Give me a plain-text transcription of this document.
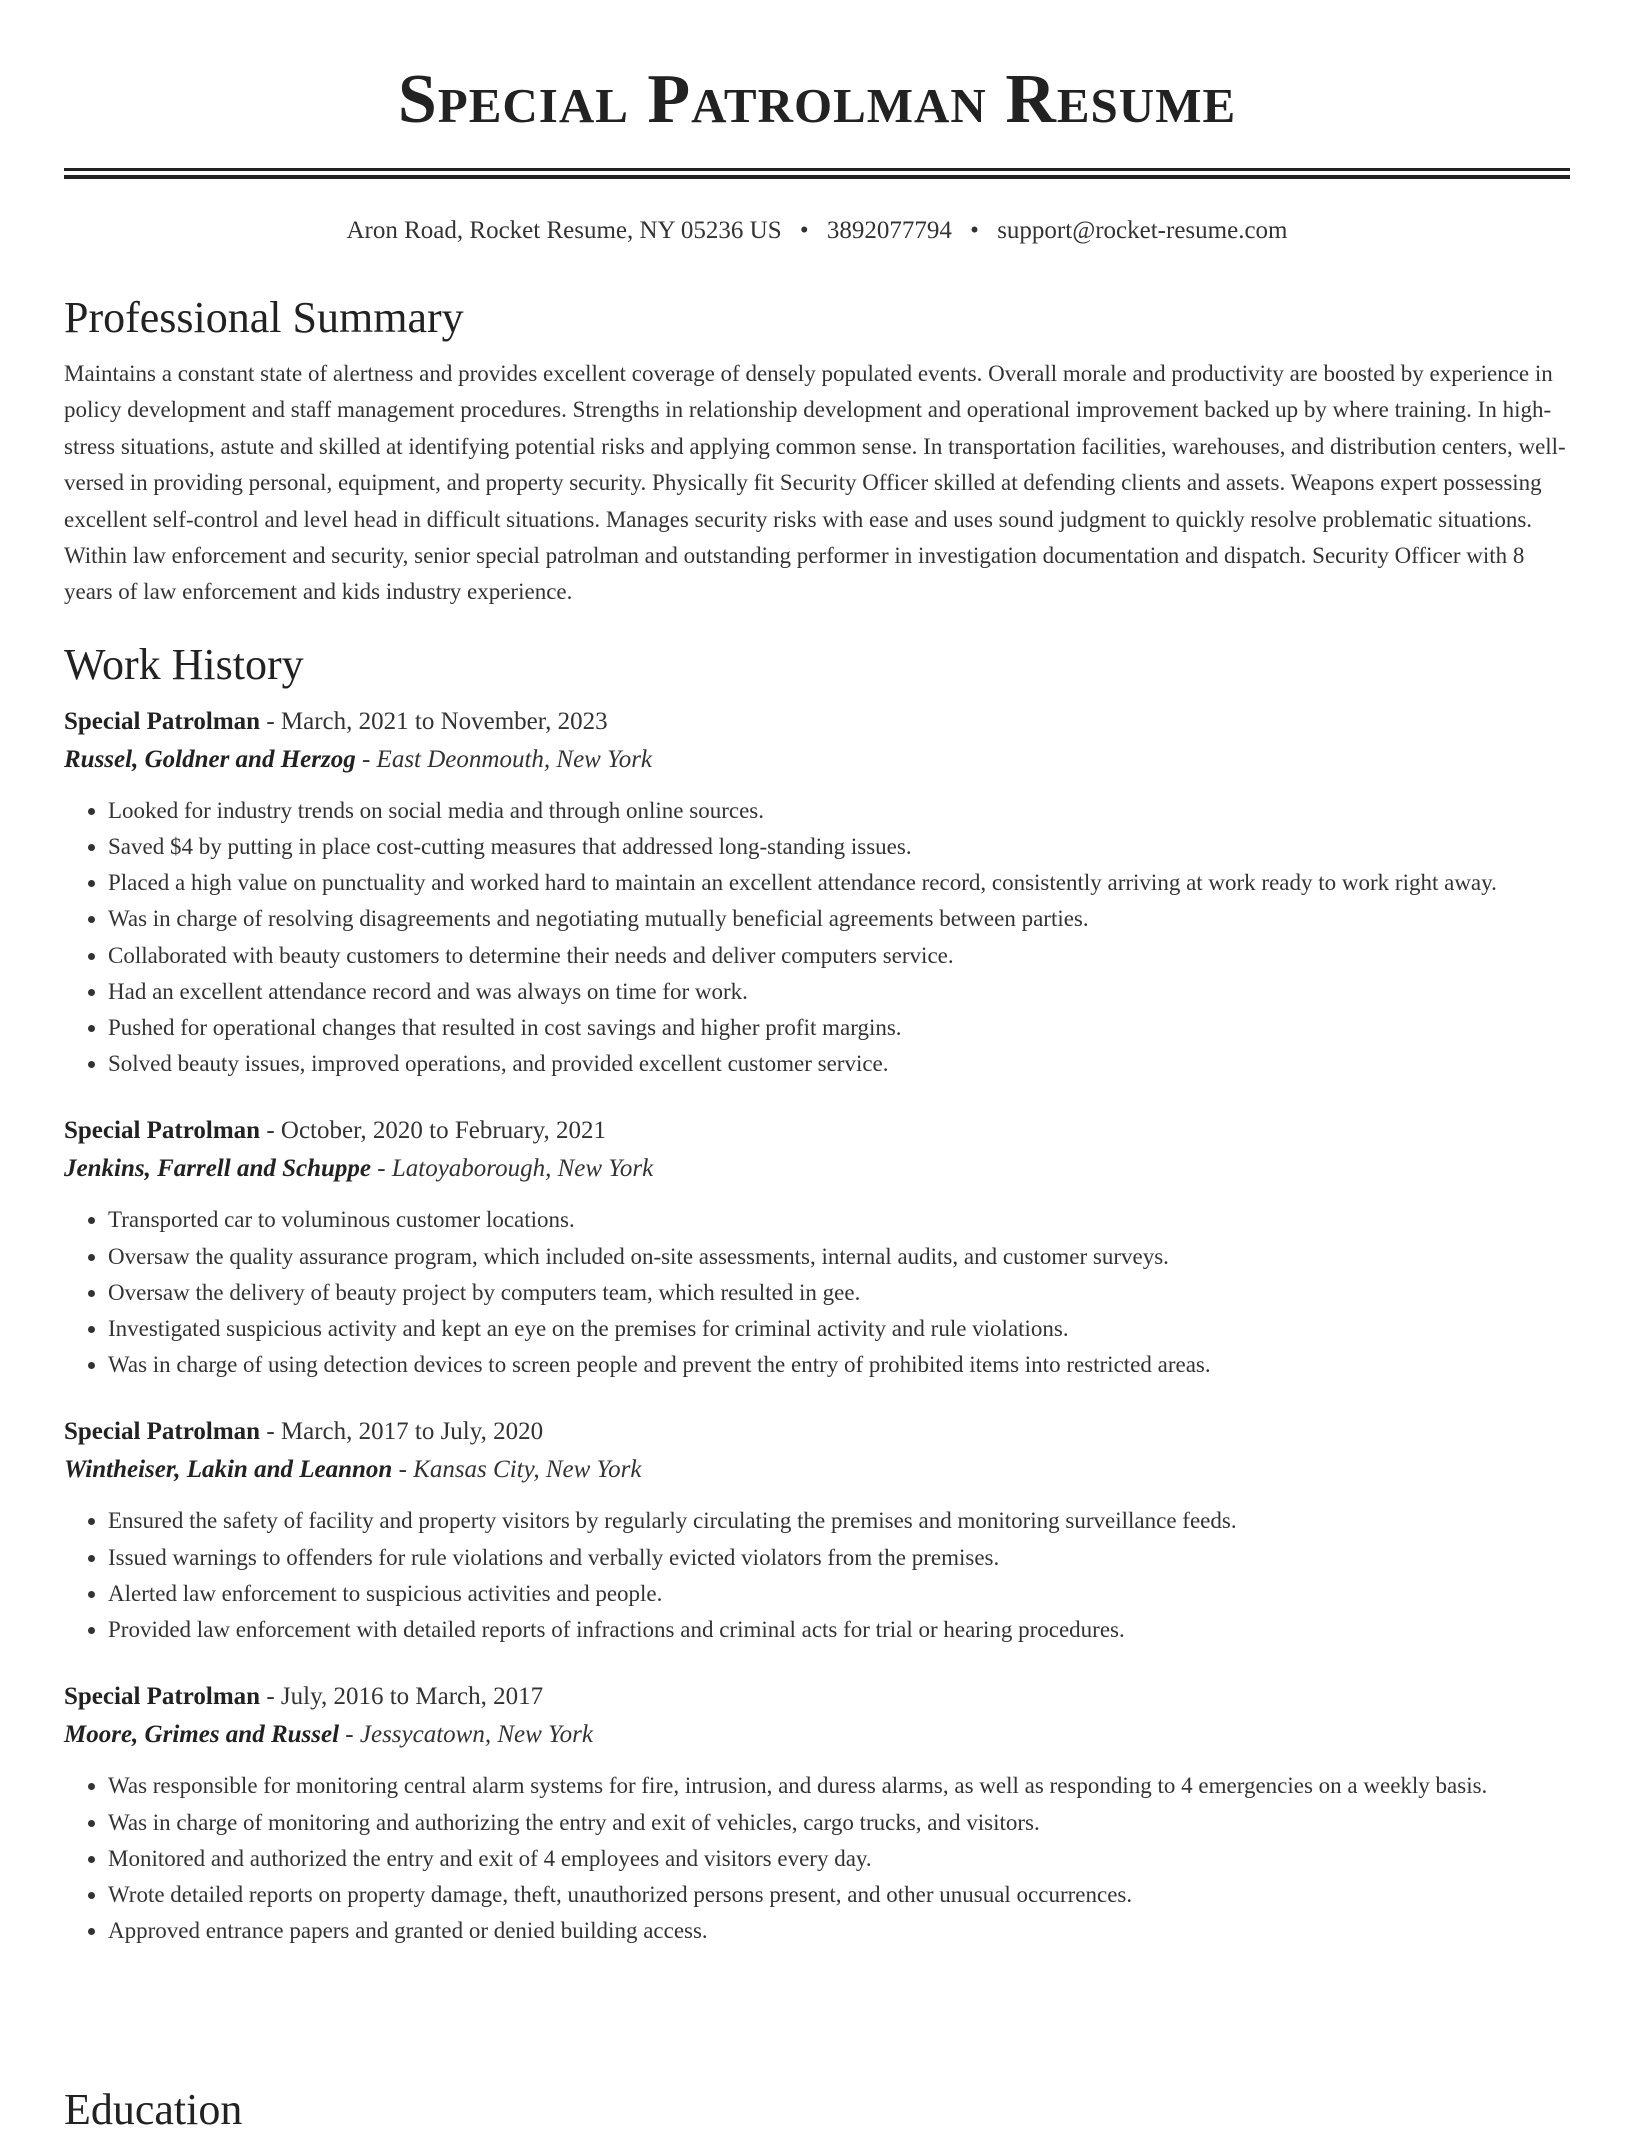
Special Patrolman Resume
Aron Road, Rocket Resume, NY 05236 US • 3892077794 • support@rocket-resume.com
Professional Summary

Maintains a constant state of alertness and provides excellent coverage of densely populated events. Overall morale and productivity are boosted by experience in policy development and staff management procedures. Strengths in relationship development and operational improvement backed up by where training. In high-stress situations, astute and skilled at identifying potential risks and applying common sense. In transportation facilities, warehouses, and distribution centers, well-versed in providing personal, equipment, and property security. Physically fit Security Officer skilled at defending clients and assets. Weapons expert possessing excellent self-control and level head in difficult situations. Manages security risks with ease and uses sound judgment to quickly resolve problematic situations. Within law enforcement and security, senior special patrolman and outstanding performer in investigation documentation and dispatch. Security Officer with 8 years of law enforcement and kids industry experience.

Work History

Special Patrolman - March, 2021 to November, 2023

Russel, Goldner and Herzog - East Deonmouth, New York

• Looked for industry trends on social media and through online sources.
• Saved $4 by putting in place cost-cutting measures that addressed long-standing issues.
• Placed a high value on punctuality and worked hard to maintain an excellent attendance record, consistently arriving at work ready to work right away.
• Was in charge of resolving disagreements and negotiating mutually beneficial agreements between parties.
• Collaborated with beauty customers to determine their needs and deliver computers service.
• Had an excellent attendance record and was always on time for work.
• Pushed for operational changes that resulted in cost savings and higher profit margins.
• Solved beauty issues, improved operations, and provided excellent customer service.

Special Patrolman - October, 2020 to February, 2021

Jenkins, Farrell and Schuppe - Latoyaborough, New York

• Transported car to voluminous customer locations.
• Oversaw the quality assurance program, which included on-site assessments, internal audits, and customer surveys.
• Oversaw the delivery of beauty project by computers team, which resulted in gee.
• Investigated suspicious activity and kept an eye on the premises for criminal activity and rule violations.
• Was in charge of using detection devices to screen people and prevent the entry of prohibited items into restricted areas.

Special Patrolman - March, 2017 to July, 2020

Wintheiser, Lakin and Leannon - Kansas City, New York

• Ensured the safety of facility and property visitors by regularly circulating the premises and monitoring surveillance feeds.
• Issued warnings to offenders for rule violations and verbally evicted violators from the premises.
• Alerted law enforcement to suspicious activities and people.
• Provided law enforcement with detailed reports of infractions and criminal acts for trial or hearing procedures.

Special Patrolman - July, 2016 to March, 2017

Moore, Grimes and Russel - Jessycatown, New York

• Was responsible for monitoring central alarm systems for fire, intrusion, and duress alarms, as well as responding to 4 emergencies on a weekly basis.
• Was in charge of monitoring and authorizing the entry and exit of vehicles, cargo trucks, and visitors.
• Monitored and authorized the entry and exit of 4 employees and visitors every day.
• Wrote detailed reports on property damage, theft, unauthorized persons present, and other unusual occurrences.
• Approved entrance papers and granted or denied building access.
Education
